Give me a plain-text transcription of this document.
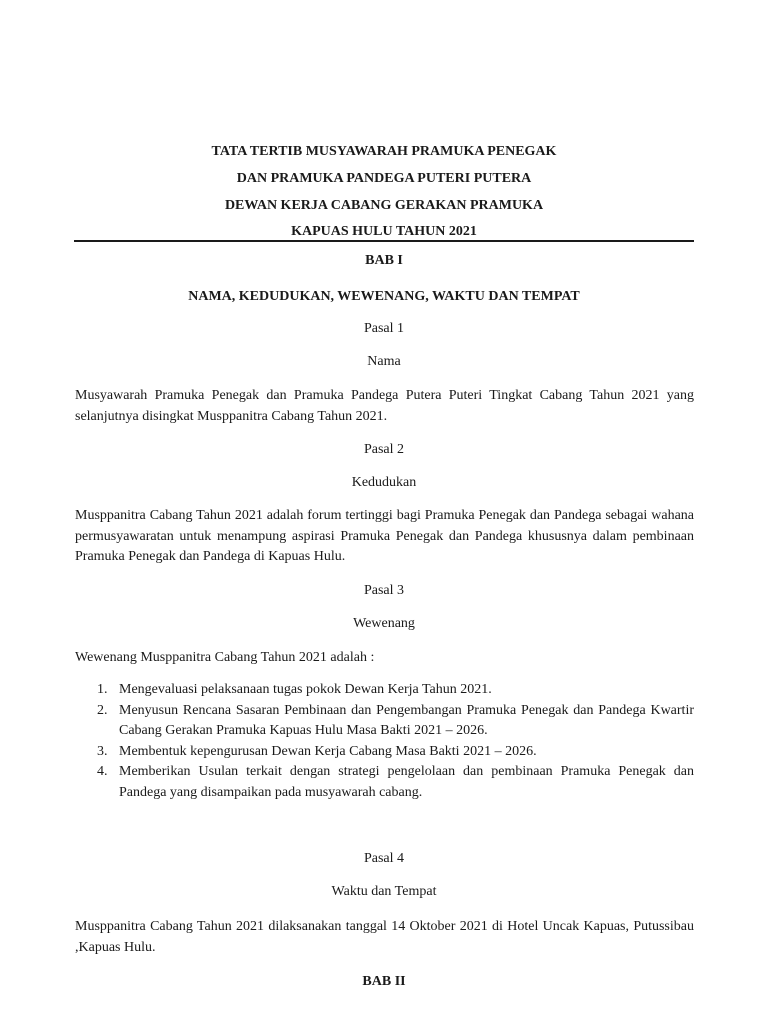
TATA TERTIB MUSYAWARAH PRAMUKA PENEGAK
DAN PRAMUKA PANDEGA PUTERI PUTERA
DEWAN KERJA CABANG GERAKAN PRAMUKA
KAPUAS HULU TAHUN 2021
BAB I
NAMA, KEDUDUKAN, WEWENANG, WAKTU DAN TEMPAT
Pasal 1
Nama

Musyawarah Pramuka Penegak dan Pramuka Pandega Putera Puteri Tingkat Cabang Tahun 2021 yang selanjutnya disingkat Musppanitra Cabang Tahun 2021.

Pasal 2
Kedudukan

Musppanitra Cabang Tahun 2021 adalah forum tertinggi bagi Pramuka Penegak dan Pandega sebagai wahana permusyawaratan untuk menampung aspirasi Pramuka Penegak dan Pandega khususnya dalam pembinaan Pramuka Penegak dan Pandega di Kapuas Hulu.

Pasal 3
Wewenang

Wewenang Musppanitra Cabang Tahun 2021 adalah :

1. Mengevaluasi pelaksanaan tugas pokok Dewan Kerja Tahun 2021.
2. Menyusun Rencana Sasaran Pembinaan dan Pengembangan Pramuka Penegak dan Pandega Kwartir Cabang Gerakan Pramuka Kapuas Hulu Masa Bakti 2021 – 2026.
3. Membentuk kepengurusan Dewan Kerja Cabang Masa Bakti 2021 – 2026.
4. Memberikan Usulan terkait dengan strategi pengelolaan dan pembinaan Pramuka Penegak dan Pandega yang disampaikan pada musyawarah cabang.
Pasal 4
Waktu dan Tempat

Musppanitra Cabang Tahun 2021 dilaksanakan tanggal 14 Oktober 2021 di Hotel Uncak Kapuas, Putussibau ,Kapuas Hulu.

BAB II
